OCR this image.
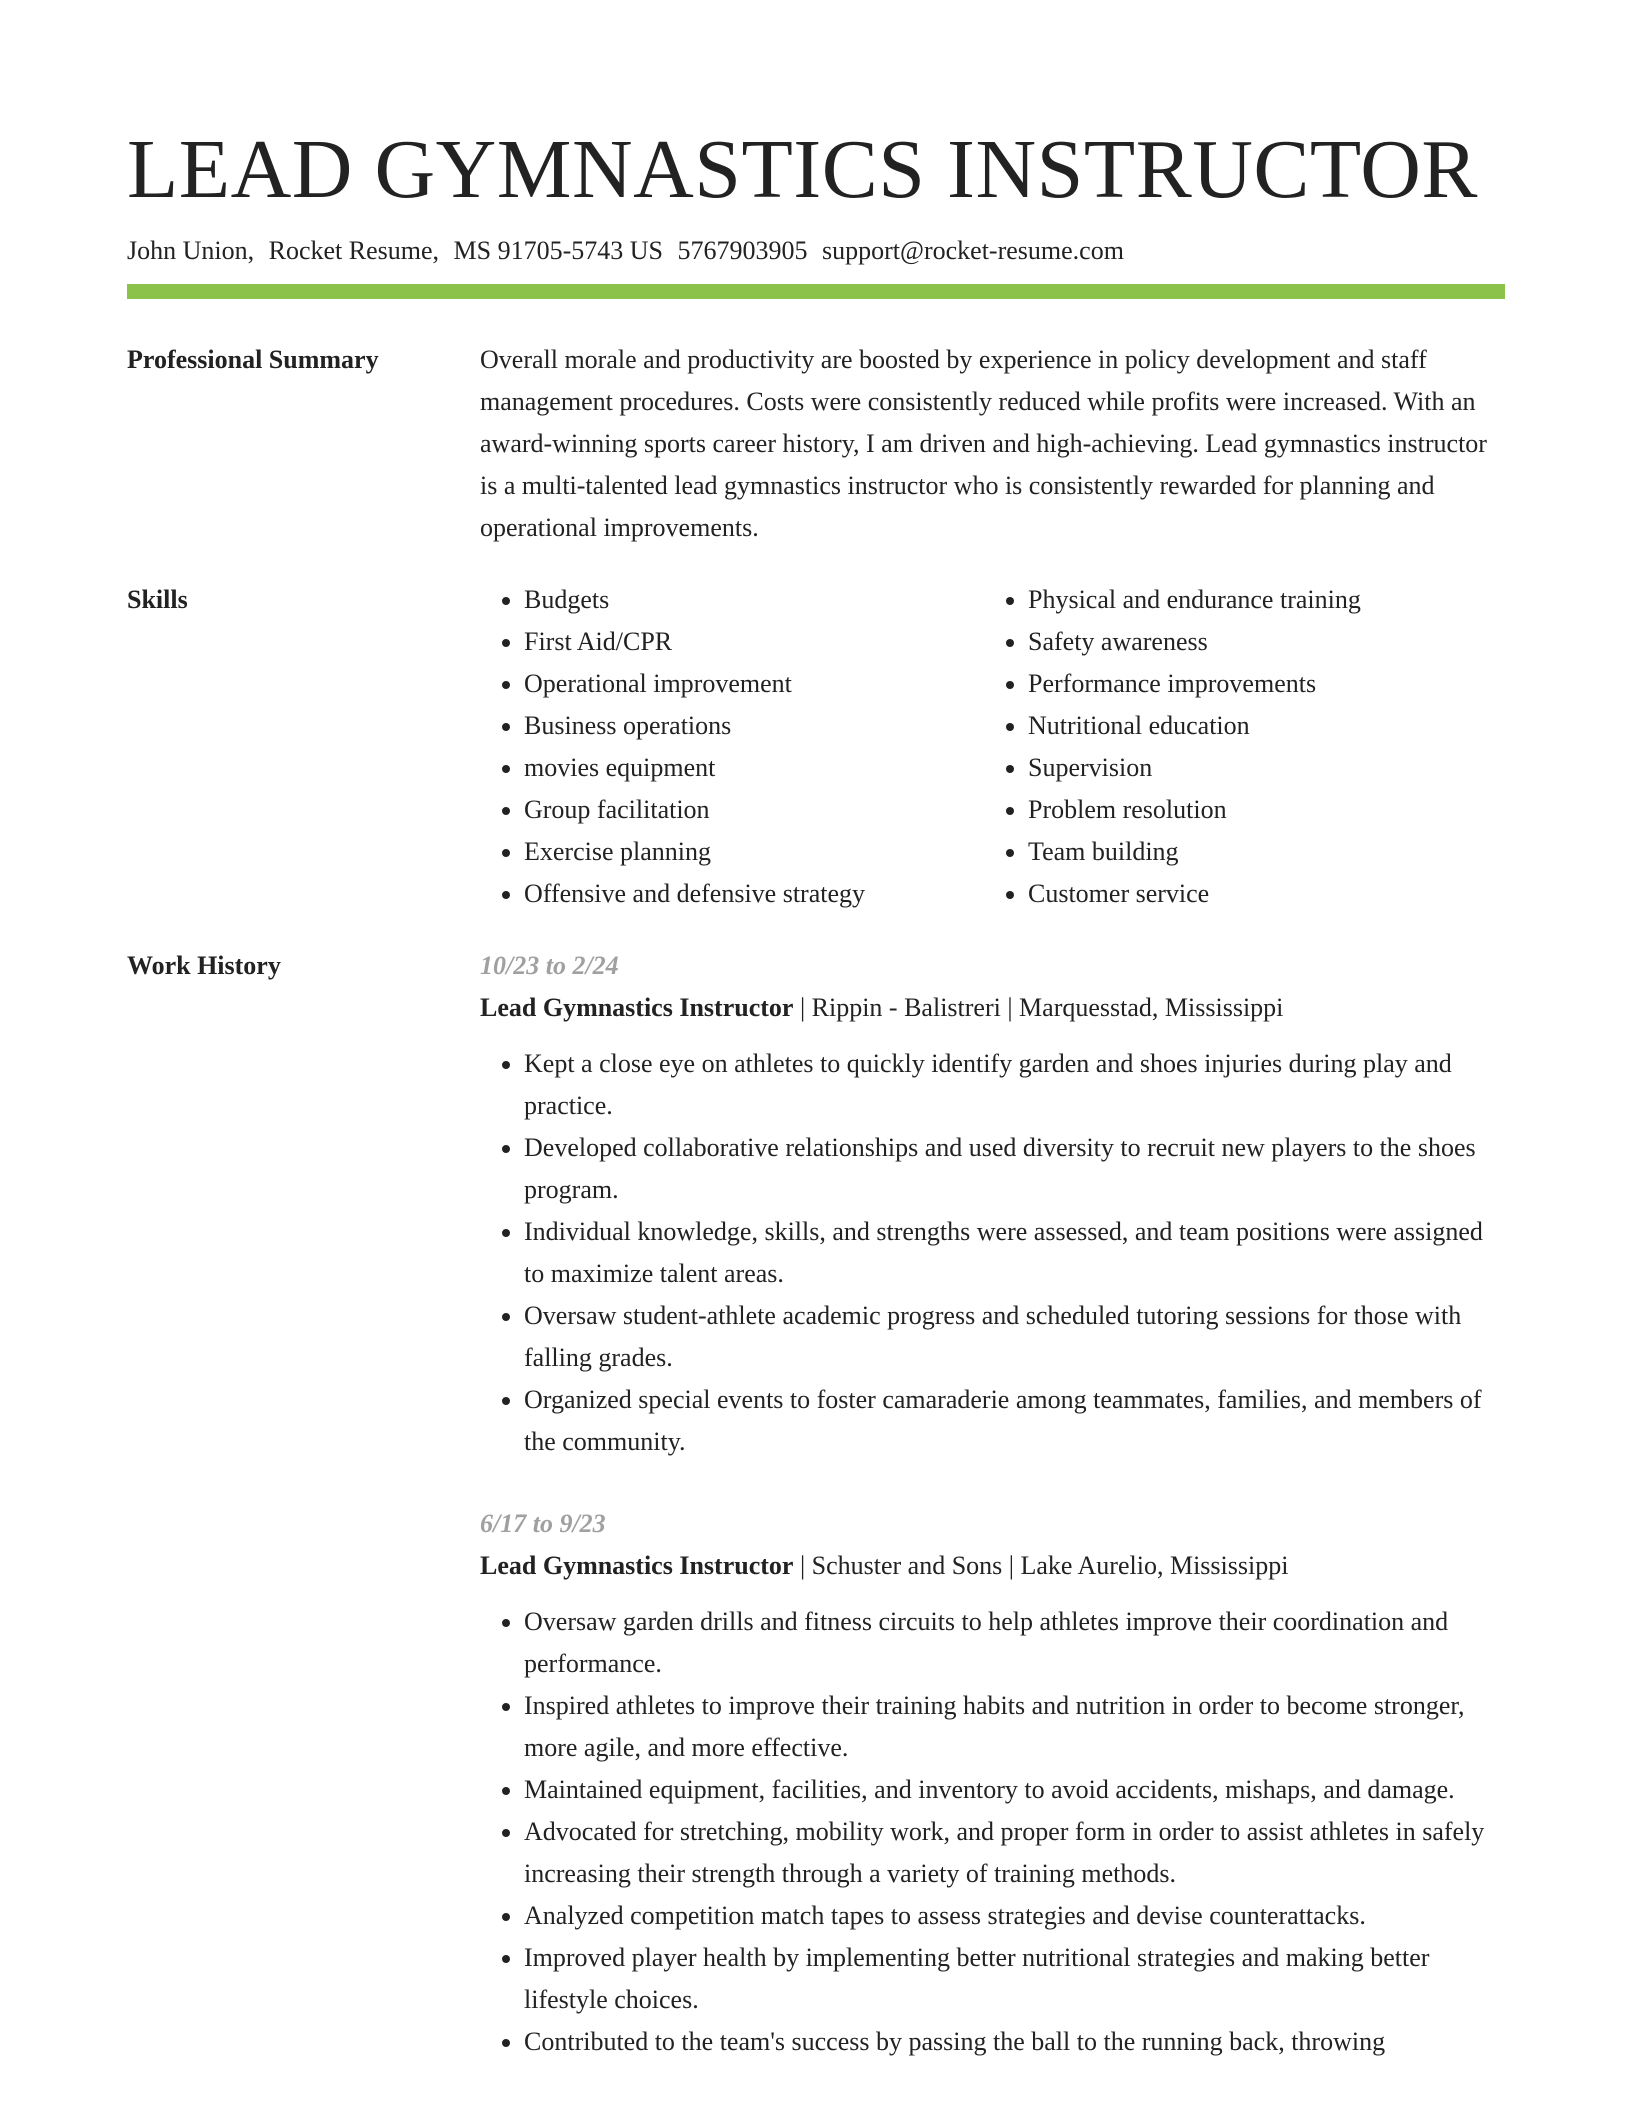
LEAD GYMNASTICS INSTRUCTOR
John Union, Rocket Resume, MS 91705-5743 US 5767903905 support@rocket-resume.com
Professional Summary	Overall morale and productivity are boosted by experience in policy development and staff management procedures. Costs were consistently reduced while profits were increased. With an award-winning sports career history, I am driven and high-achieving. Lead gymnastics instructor is a multi-talented lead gymnastics instructor who is consistently rewarded for planning and operational improvements.

Skills
•	Budgets
• First Aid/CPR
• Operational improvement
• Business operations
• movies equipment
• Group facilitation
• Exercise planning
• Offensive and defensive strategy
• Physical and endurance training
• Safety awareness
• Performance improvements
• Nutritional education
• Supervision
• Problem resolution
• Team building
• Customer service
Work History	10/23 to 2/24
Lead Gymnastics Instructor | Rippin - Balistreri | Marquesstad, Mississippi
• Kept a close eye on athletes to quickly identify garden and shoes injuries during play and practice.
• Developed collaborative relationships and used diversity to recruit new players to the shoes program.
• Individual knowledge, skills, and strengths were assessed, and team positions were assigned to maximize talent areas.
• Oversaw student-athlete academic progress and scheduled tutoring sessions for those with falling grades.
• Organized special events to foster camaraderie among teammates, families, and members of the community.
6/17 to 9/23
Lead Gymnastics Instructor | Schuster and Sons | Lake Aurelio, Mississippi
• Oversaw garden drills and fitness circuits to help athletes improve their coordination and performance.
• Inspired athletes to improve their training habits and nutrition in order to become stronger, more agile, and more effective.
• Maintained equipment, facilities, and inventory to avoid accidents, mishaps, and damage.
• Advocated for stretching, mobility work, and proper form in order to assist athletes in safely increasing their strength through a variety of training methods.
• Analyzed competition match tapes to assess strategies and devise counterattacks.
• Improved player health by implementing better nutritional strategies and making better lifestyle choices.
• Contributed to the team's success by passing the ball to the running back, throwing
